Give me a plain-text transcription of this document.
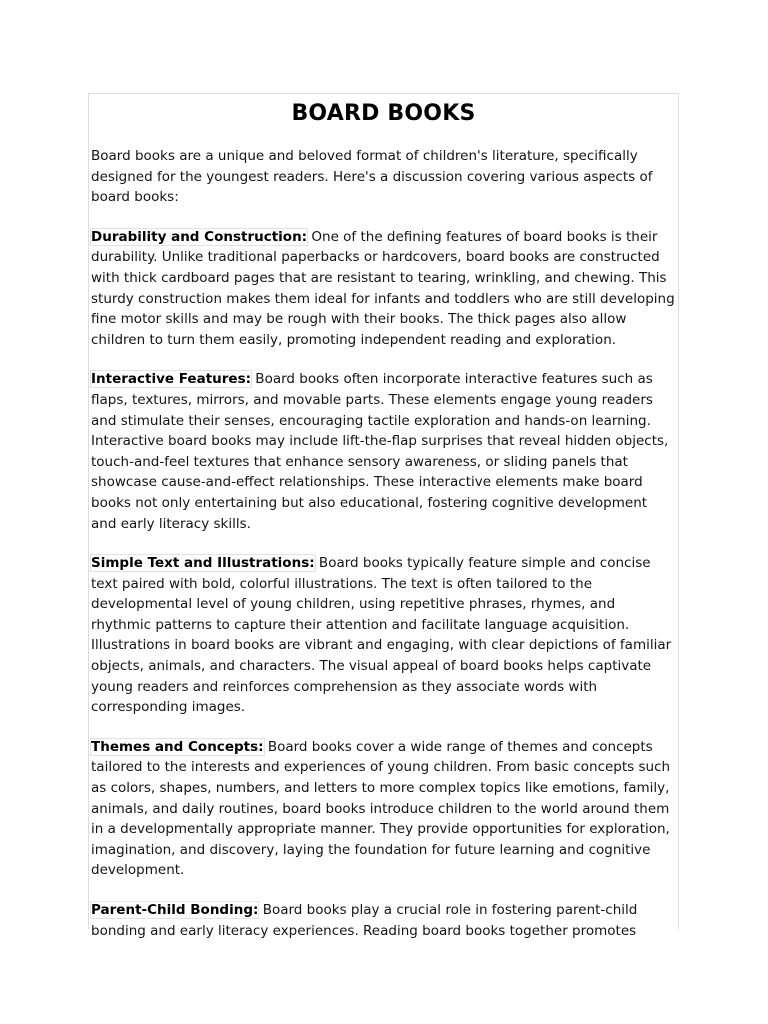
BOARD BOOKS

Board books are a unique and beloved format of children's literature, specifically designed for the youngest readers. Here's a discussion covering various aspects of board books:

Durability and Construction: One of the defining features of board books is their durability. Unlike traditional paperbacks or hardcovers, board books are constructed with thick cardboard pages that are resistant to tearing, wrinkling, and chewing. This sturdy construction makes them ideal for infants and toddlers who are still developing fine motor skills and may be rough with their books. The thick pages also allow children to turn them easily, promoting independent reading and exploration.

Interactive Features: Board books often incorporate interactive features such as flaps, textures, mirrors, and movable parts. These elements engage young readers and stimulate their senses, encouraging tactile exploration and hands-on learning. Interactive board books may include lift-the-flap surprises that reveal hidden objects, touch-and-feel textures that enhance sensory awareness, or sliding panels that showcase cause-and-effect relationships. These interactive elements make board books not only entertaining but also educational, fostering cognitive development and early literacy skills.

Simple Text and Illustrations: Board books typically feature simple and concise text paired with bold, colorful illustrations. The text is often tailored to the developmental level of young children, using repetitive phrases, rhymes, and rhythmic patterns to capture their attention and facilitate language acquisition. Illustrations in board books are vibrant and engaging, with clear depictions of familiar objects, animals, and characters. The visual appeal of board books helps captivate young readers and reinforces comprehension as they associate words with corresponding images.

Themes and Concepts: Board books cover a wide range of themes and concepts tailored to the interests and experiences of young children. From basic concepts such as colors, shapes, numbers, and letters to more complex topics like emotions, family, animals, and daily routines, board books introduce children to the world around them in a developmentally appropriate manner. They provide opportunities for exploration, imagination, and discovery, laying the foundation for future learning and cognitive development.

Parent-Child Bonding: Board books play a crucial role in fostering parent-child bonding and early literacy experiences. Reading board books together promotes
